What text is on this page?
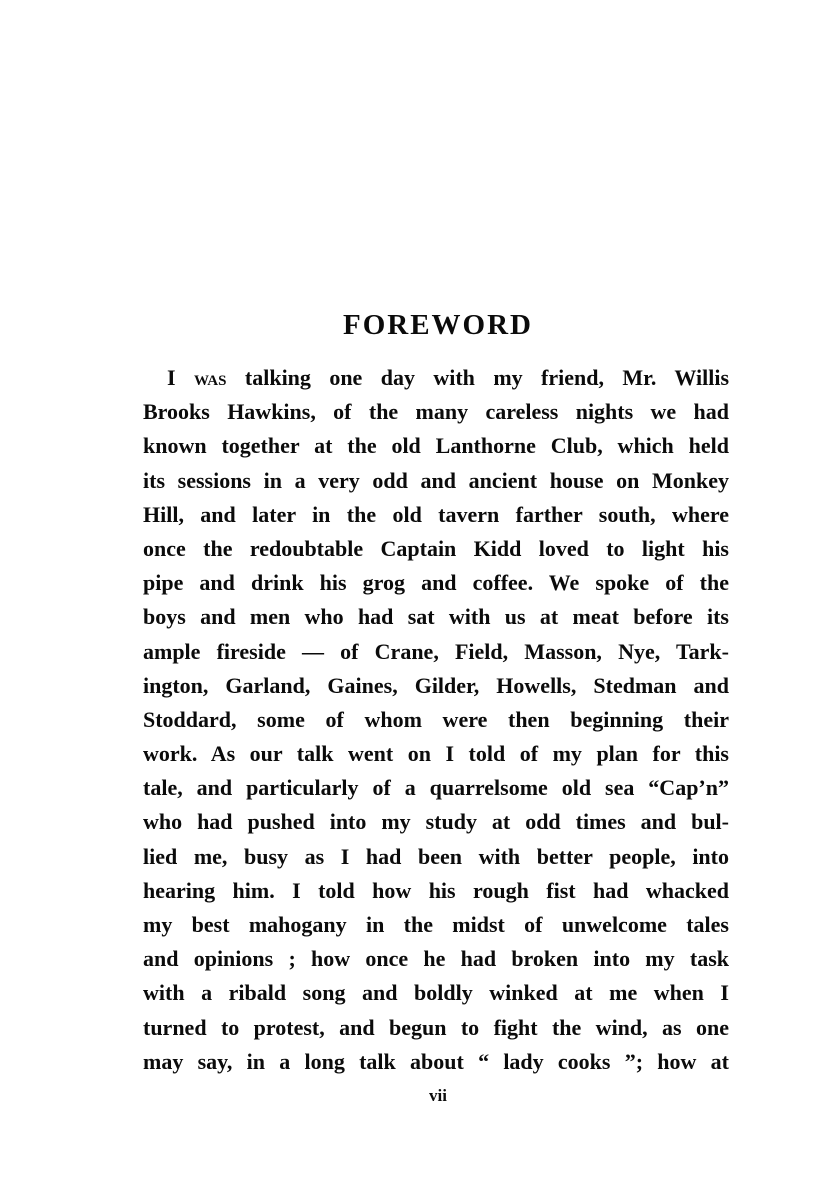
FOREWORD
I was talking one day with my friend, Mr. Willis
Brooks Hawkins, of the many careless nights we had
known together at the old Lanthorne Club, which held
its sessions in a very odd and ancient house on Monkey
Hill, and later in the old tavern farther south, where
once the redoubtable Captain Kidd loved to light his
pipe and drink his grog and coffee. We spoke of the
boys and men who had sat with us at meat before its
ample fireside — of Crane, Field, Masson, Nye, Tark-
ington, Garland, Gaines, Gilder, Howells, Stedman and
Stoddard, some of whom were then beginning their
work. As our talk went on I told of my plan for this
tale, and particularly of a quarrelsome old sea “Cap’n”
who had pushed into my study at odd times and bul-
lied me, busy as I had been with better people, into
hearing him. I told how his rough fist had whacked
my best mahogany in the midst of unwelcome tales
and opinions ; how once he had broken into my task
with a ribald song and boldly winked at me when I
turned to protest, and begun to fight the wind, as one
may say, in a long talk about “ lady cooks ”; how at
vii
